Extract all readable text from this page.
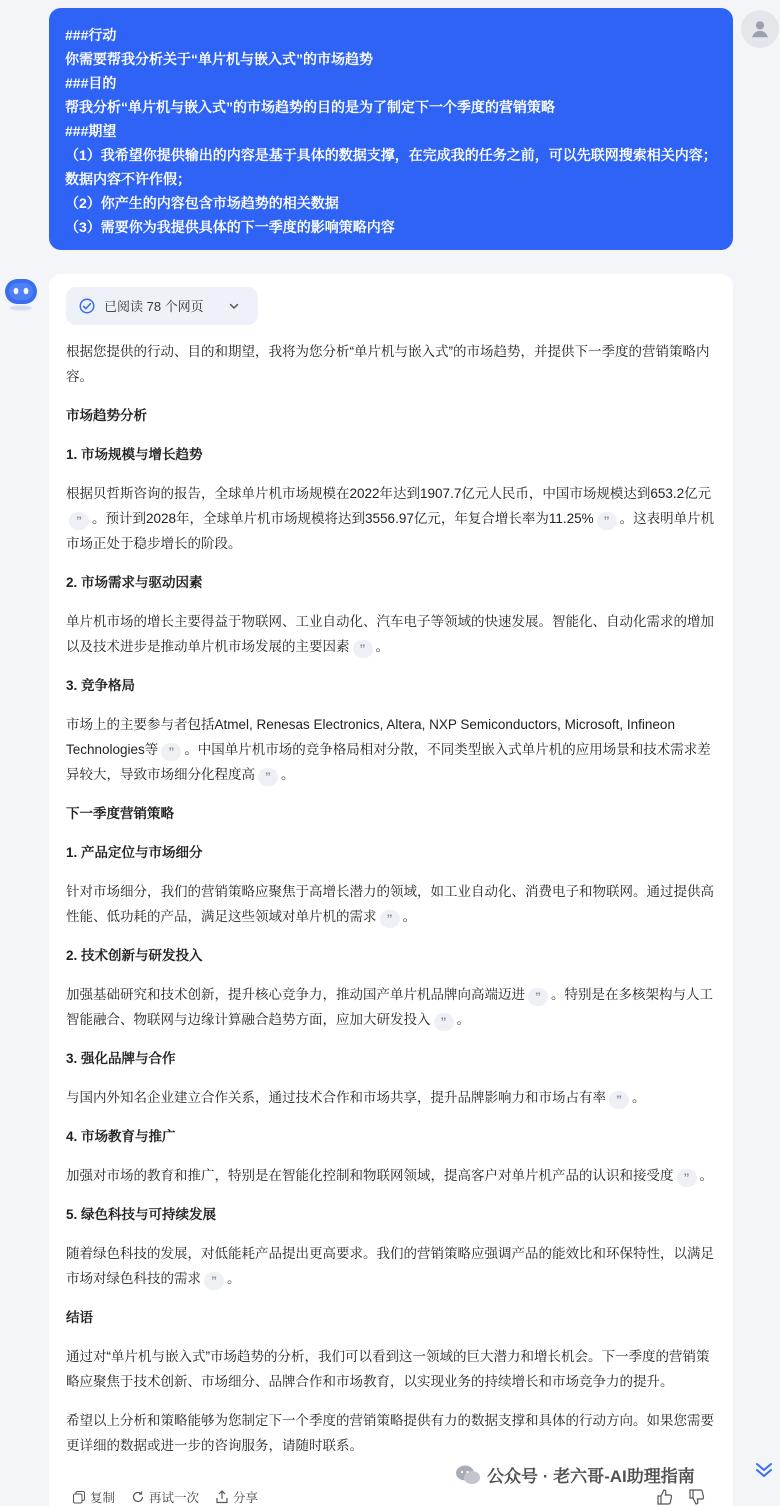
###行动

你需要帮我分析关于“单片机与嵌入式”的市场趋势

###目的

帮我分析“单片机与嵌入式”的市场趋势的目的是为了制定下一个季度的营销策略

###期望

（1）我希望你提供输出的内容是基于具体的数据支撑，在完成我的任务之前，可以先联网搜索相关内容；数据内容不许作假；

（2）你产生的内容包含市场趋势的相关数据

（3）需要你为我提供具体的下一季度的影响策略内容

已阅读 78 个网页

根据您提供的行动、目的和期望，我将为您分析“单片机与嵌入式”的市场趋势，并提供下一季度的营销策略内容。

市场趋势分析
1. 市场规模与增长趋势

根据贝哲斯咨询的报告，全球单片机市场规模在2022年达到1907.7亿元人民币，中国市场规模达到653.2亿元” 。预计到2028年，全球单片机市场规模将达到3556.97亿元，年复合增长率为11.25% ” 。这表明单片机市场正处于稳步增长的阶段。

2. 市场需求与驱动因素

单片机市场的增长主要得益于物联网、工业自动化、汽车电子等领域的快速发展。智能化、自动化需求的增加以及技术进步是推动单片机市场发展的主要因素 ” 。

3. 竞争格局

市场上的主要参与者包括Atmel, Renesas Electronics, Altera, NXP Semiconductors, Microsoft, Infineon Technologies等 ” 。中国单片机市场的竞争格局相对分散，不同类型嵌入式单片机的应用场景和技术需求差异较大，导致市场细分化程度高 ” 。

下一季度营销策略
1. 产品定位与市场细分

针对市场细分，我们的营销策略应聚焦于高增长潜力的领域，如工业自动化、消费电子和物联网。通过提供高性能、低功耗的产品，满足这些领域对单片机的需求 ” 。

2. 技术创新与研发投入

加强基础研究和技术创新，提升核心竞争力，推动国产单片机品牌向高端迈进 ” 。特别是在多核架构与人工智能融合、物联网与边缘计算融合趋势方面，应加大研发投入 ” 。

3. 强化品牌与合作

与国内外知名企业建立合作关系，通过技术合作和市场共享，提升品牌影响力和市场占有率 ” 。

4. 市场教育与推广

加强对市场的教育和推广，特别是在智能化控制和物联网领域，提高客户对单片机产品的认识和接受度 ” 。

5. 绿色科技与可持续发展

随着绿色科技的发展，对低能耗产品提出更高要求。我们的营销策略应强调产品的能效比和环保特性，以满足市场对绿色科技的需求 ” 。

结语

通过对“单片机与嵌入式”市场趋势的分析，我们可以看到这一领域的巨大潜力和增长机会。下一季度的营销策略应聚焦于技术创新、市场细分、品牌合作和市场教育，以实现业务的持续增长和市场竞争力的提升。

希望以上分析和策略能够为您制定下一个季度的营销策略提供有力的数据支撑和具体的行动方向。如果您需要更详细的数据或进一步的咨询服务，请随时联系。

公众号 · 老六哥-AI助理指南
复制	再试一次	分享
